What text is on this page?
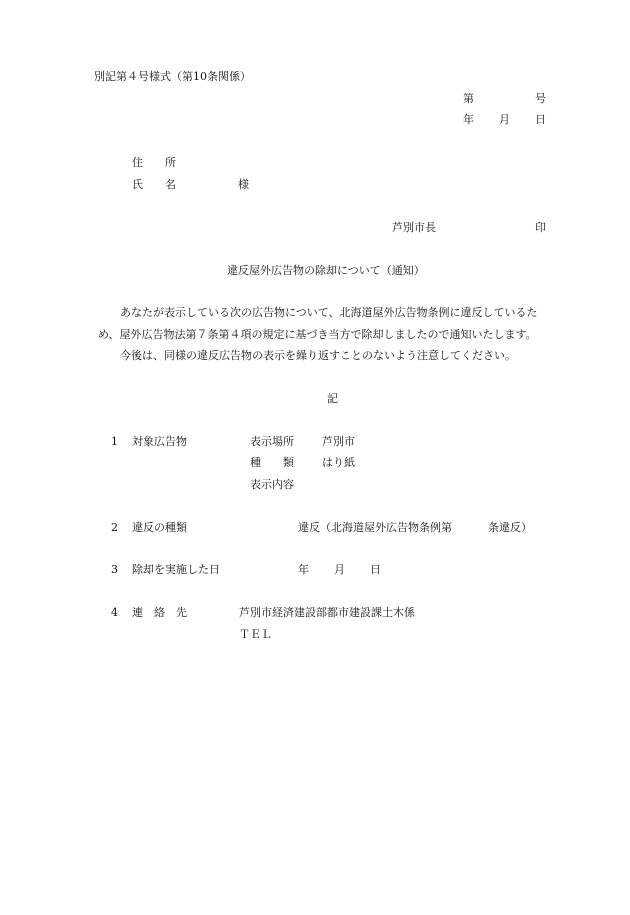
別記第４号様式（第10条関係）
第	号
年 月 日
住　　所
氏　　名	様
芦別市長	印
違反屋外広告物の除却について（通知）
あなたが表示している次の広告物について、北海道屋外広告物条例に違反しているた
め、屋外広告物法第７条第４項の規定に基づき当方で除却しましたので通知いたします。
今後は、同様の違反広告物の表示を繰り返すことのないよう注意してください。
記
1 対象広告物	表示場所	芦別市
種　　類	はり紙
表示内容
2 違反の種類	違反（北海道屋外広告物条例第	条違反）
3 除却を実施した日	年 月 日
4 連　絡　先	芦別市経済建設部都市建設課土木係
ＴＥＬ
